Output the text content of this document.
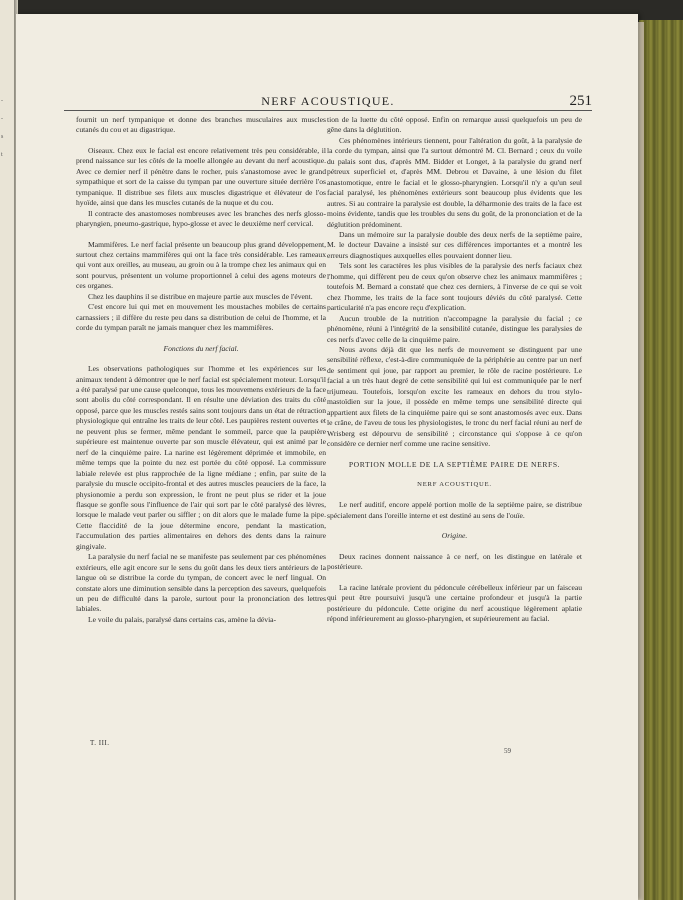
-
-
s
t
NERF ACOUSTIQUE.	251

fournit un nerf tympanique et donne des branches musculaires aux muscles cutanés du cou et au digastrique.

Oiseaux. Chez eux le facial est encore relativement très peu considérable, il prend naissance sur les côtés de la moelle allongée au devant du nerf acoustique. Avec ce dernier nerf il pénètre dans le rocher, puis s'anastomose avec le grand sympathique et sort de la caisse du tympan par une ouverture située derrière l'os tympanique. Il distribue ses filets aux muscles digastrique et élévateur de l'os hyoïde, ainsi que dans les muscles cutanés de la nuque et du cou.

Il contracte des anastomoses nombreuses avec les branches des nerfs glosso-pharyngien, pneumo-gastrique, hypo-glosse et avec le deuxième nerf cervical.

Mammifères. Le nerf facial présente un beaucoup plus grand développement, surtout chez certains mammifères qui ont la face très considérable. Les rameaux qui vont aux oreilles, au museau, au groin ou à la trompe chez les animaux qui en sont pourvus, présentent un volume proportionnel à celui des agens moteurs de ces organes.

Chez les dauphins il se distribue en majeure partie aux muscles de l'évent.

C'est encore lui qui met en mouvement les moustaches mobiles de certains carnassiers ; il diffère du reste peu dans sa distribution de celui de l'homme, et la corde du tympan paraît ne jamais manquer chez les mammifères.

Fonctions du nerf facial.

Les observations pathologiques sur l'homme et les expériences sur les animaux tendent à démontrer que le nerf facial est spécialement moteur. Lorsqu'il a été paralysé par une cause quelconque, tous les mouvemens extérieurs de la face sont abolis du côté correspondant. Il en résulte une déviation des traits du côté opposé, parce que les muscles restés sains sont toujours dans un état de rétraction physiologique qui entraîne les traits de leur côté. Les paupières restent ouvertes et ne peuvent plus se fermer, même pendant le sommeil, parce que la paupière supérieure est maintenue ouverte par son muscle élévateur, qui est animé par le nerf de la cinquième paire. La narine est légèrement déprimée et immobile, en même temps que la pointe du nez est portée du côté opposé. La commissure labiale relevée est plus rapprochée de la ligne médiane ; enfin, par suite de la paralysie du muscle occipito-frontal et des autres muscles peauciers de la face, la physionomie a perdu son expression, le front ne peut plus se rider et la joue flasque se gonfle sous l'influence de l'air qui sort par le côté paralysé des lèvres, lorsque le malade veut parler ou siffler ; on dit alors que le malade fume la pipe. Cette flaccidité de la joue détermine encore, pendant la mastication, l'accumulation des parties alimentaires en dehors des dents dans la rainure gingivale.

La paralysie du nerf facial ne se manifeste pas seulement par ces phénomènes extérieurs, elle agit encore sur le sens du goût dans les deux tiers antérieurs de la langue où se distribue la corde du tympan, de concert avec le nerf lingual. On constate alors une diminution sensible dans la perception des saveurs, quelquefois un peu de difficulté dans la parole, surtout pour la prononciation des lettres labiales.

Le voile du palais, paralysé dans certains cas, amène la dévia-

tion de la luette du côté opposé. Enfin on remarque aussi quelquefois un peu de gêne dans la déglutition.

Ces phénomènes intérieurs tiennent, pour l'altération du goût, à la paralysie de la corde du tympan, ainsi que l'a surtout démontré M. Cl. Bernard ; ceux du voile du palais sont dus, d'après MM. Bidder et Longet, à la paralysie du grand nerf pétreux superficiel et, d'après MM. Debrou et Davaine, à une lésion du filet anastomotique, entre le facial et le glosso-pharyngien. Lorsqu'il n'y a qu'un seul facial paralysé, les phénomènes extérieurs sont beaucoup plus évidents que les autres. Si au contraire la paralysie est double, la déharmonie des traits de la face est moins évidente, tandis que les troubles du sens du goût, de la prononciation et de la déglutition prédominent.

Dans un mémoire sur la paralysie double des deux nerfs de la septième paire, M. le docteur Davaine a insisté sur ces différences importantes et a montré les erreurs diagnostiques auxquelles elles pouvaient donner lieu.

Tels sont les caractères les plus visibles de la paralysie des nerfs faciaux chez l'homme, qui diffèrent peu de ceux qu'on observe chez les animaux mammifères ; toutefois M. Bernard a constaté que chez ces derniers, à l'inverse de ce qui se voit chez l'homme, les traits de la face sont toujours déviés du côté paralysé. Cette particularité n'a pas encore reçu d'explication.

Aucun trouble de la nutrition n'accompagne la paralysie du facial ; ce phénomène, réuni à l'intégrité de la sensibilité cutanée, distingue les paralysies de ces nerfs d'avec celle de la cinquième paire.

Nous avons déjà dit que les nerfs de mouvement se distinguent par une sensibilité réflexe, c'est-à-dire communiquée de la périphérie au centre par un nerf de sentiment qui joue, par rapport au premier, le rôle de racine postérieure. Le facial a un très haut degré de cette sensibilité qui lui est communiquée par le nerf trijumeau. Toutefois, lorsqu'on excite les rameaux en dehors du trou stylo-mastoïdien sur la joue, il possède en même temps une sensibilité directe qui appartient aux filets de la cinquième paire qui se sont anastomosés avec eux. Dans le crâne, de l'aveu de tous les physiologistes, le tronc du nerf facial réuni au nerf de Wrisberg est dépourvu de sensibilité ; circonstance qui s'oppose à ce qu'on considère ce dernier nerf comme une racine sensitive.

PORTION MOLLE DE LA SEPTIÈME PAIRE DE NERFS.

NERF ACOUSTIQUE.

Le nerf auditif, encore appelé portion molle de la septième paire, se distribue spécialement dans l'oreille interne et est destiné au sens de l'ouïe.

Origine.

Deux racines donnent naissance à ce nerf, on les distingue en latérale et postérieure.

La racine latérale provient du pédoncule cérébelleux inférieur par un faisceau qui peut être poursuivi jusqu'à une certaine profondeur et jusqu'à la partie postérieure du pédoncule. Cette origine du nerf acoustique légèrement aplatie répond inférieurement au glosso-pharyngien, et supérieurement au facial.

T. III.
59
